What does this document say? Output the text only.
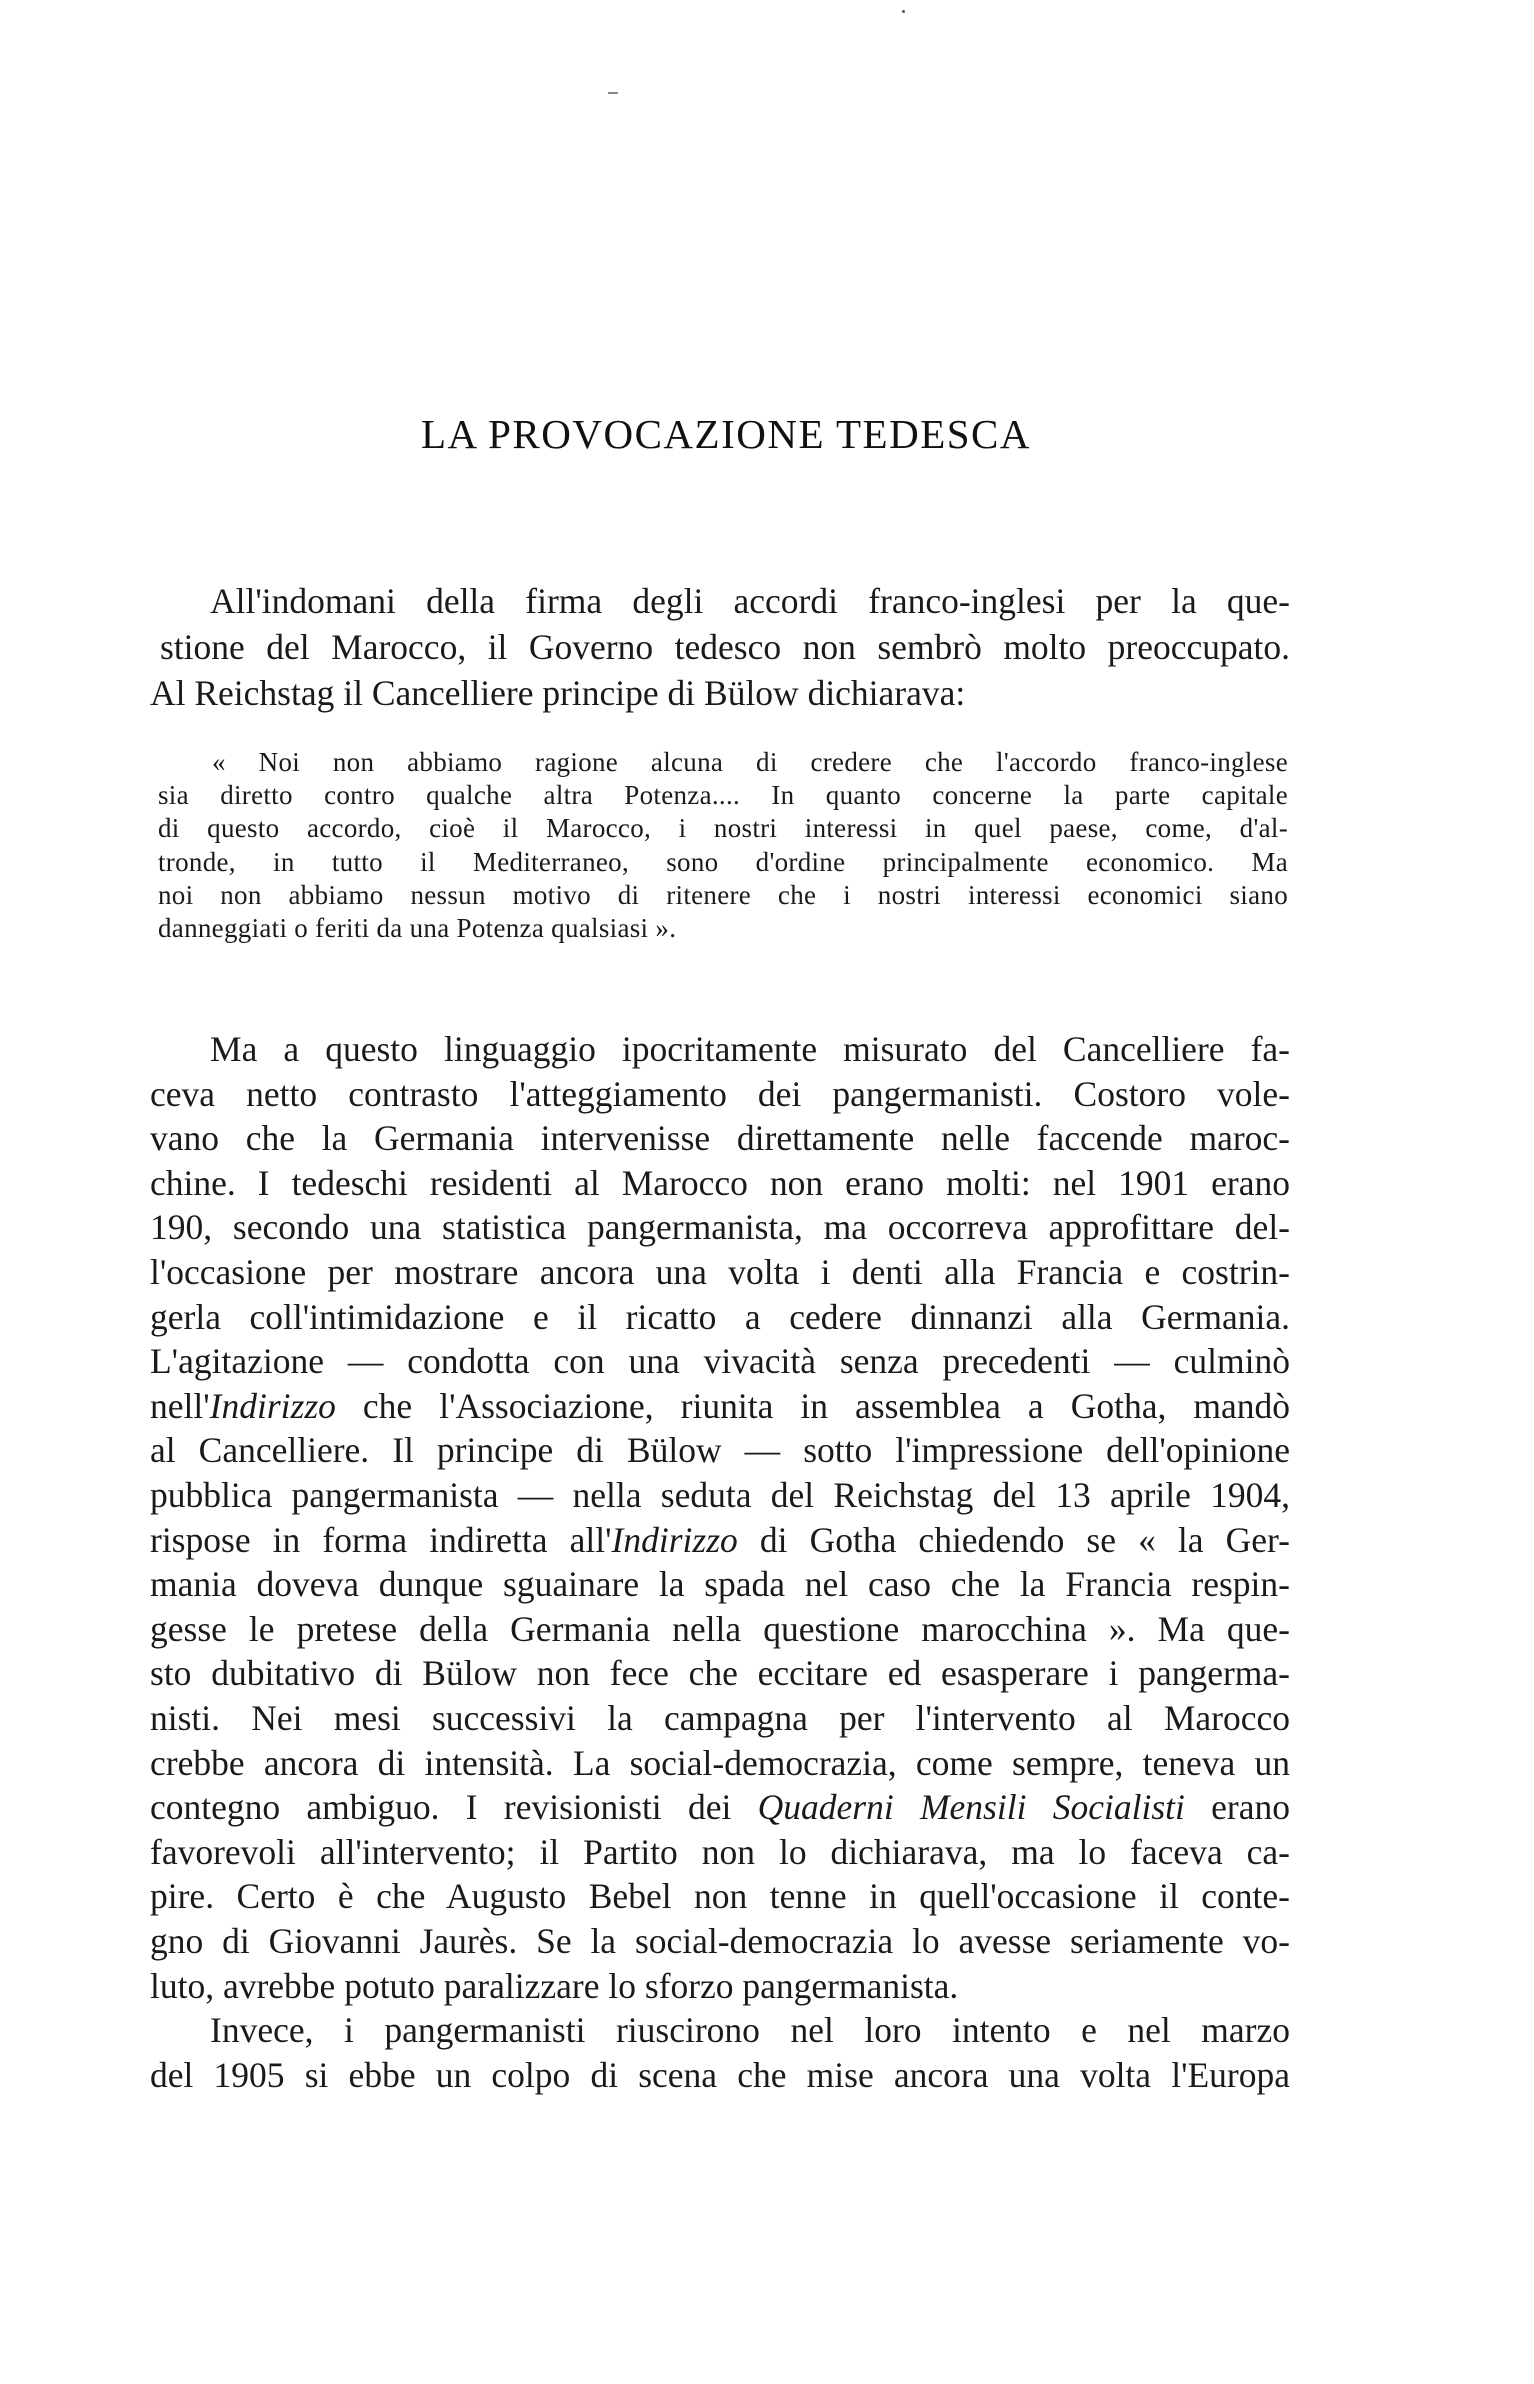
LA PROVOCAZIONE TEDESCA
All'indomani della firma degli accordi franco-inglesi per la que-
stione del Marocco, il Governo tedesco non sembrò molto preoccupato.
Al Reichstag il Cancelliere principe di Bülow dichiarava:
« Noi non abbiamo ragione alcuna di credere che l'accordo franco-inglese
sia diretto contro qualche altra Potenza.... In quanto concerne la parte capitale
di questo accordo, cioè il Marocco, i nostri interessi in quel paese, come, d'al-
tronde, in tutto il Mediterraneo, sono d'ordine principalmente economico. Ma
noi non abbiamo nessun motivo di ritenere che i nostri interessi economici siano
danneggiati o feriti da una Potenza qualsiasi ».
Ma a questo linguaggio ipocritamente misurato del Cancelliere fa-
ceva netto contrasto l'atteggiamento dei pangermanisti. Costoro vole-
vano che la Germania intervenisse direttamente nelle faccende maroc-
chine. I tedeschi residenti al Marocco non erano molti: nel 1901 erano
190, secondo una statistica pangermanista, ma occorreva approfittare del-
l'occasione per mostrare ancora una volta i denti alla Francia e costrin-
gerla coll'intimidazione e il ricatto a cedere dinnanzi alla Germania.
L'agitazione — condotta con una vivacità senza precedenti — culminò
nell'Indirizzo che l'Associazione, riunita in assemblea a Gotha, mandò
al Cancelliere. Il principe di Bülow — sotto l'impressione dell'opinione
pubblica pangermanista — nella seduta del Reichstag del 13 aprile 1904,
rispose in forma indiretta all'Indirizzo di Gotha chiedendo se « la Ger-
mania doveva dunque sguainare la spada nel caso che la Francia respin-
gesse le pretese della Germania nella questione marocchina ». Ma que-
sto dubitativo di Bülow non fece che eccitare ed esasperare i pangerma-
nisti. Nei mesi successivi la campagna per l'intervento al Marocco
crebbe ancora di intensità. La social-democrazia, come sempre, teneva un
contegno ambiguo. I revisionisti dei Quaderni Mensili Socialisti erano
favorevoli all'intervento; il Partito non lo dichiarava, ma lo faceva ca-
pire. Certo è che Augusto Bebel non tenne in quell'occasione il conte-
gno di Giovanni Jaurès. Se la social-democrazia lo avesse seriamente vo-
luto, avrebbe potuto paralizzare lo sforzo pangermanista.
Invece, i pangermanisti riuscirono nel loro intento e nel marzo
del 1905 si ebbe un colpo di scena che mise ancora una volta l'Europa
